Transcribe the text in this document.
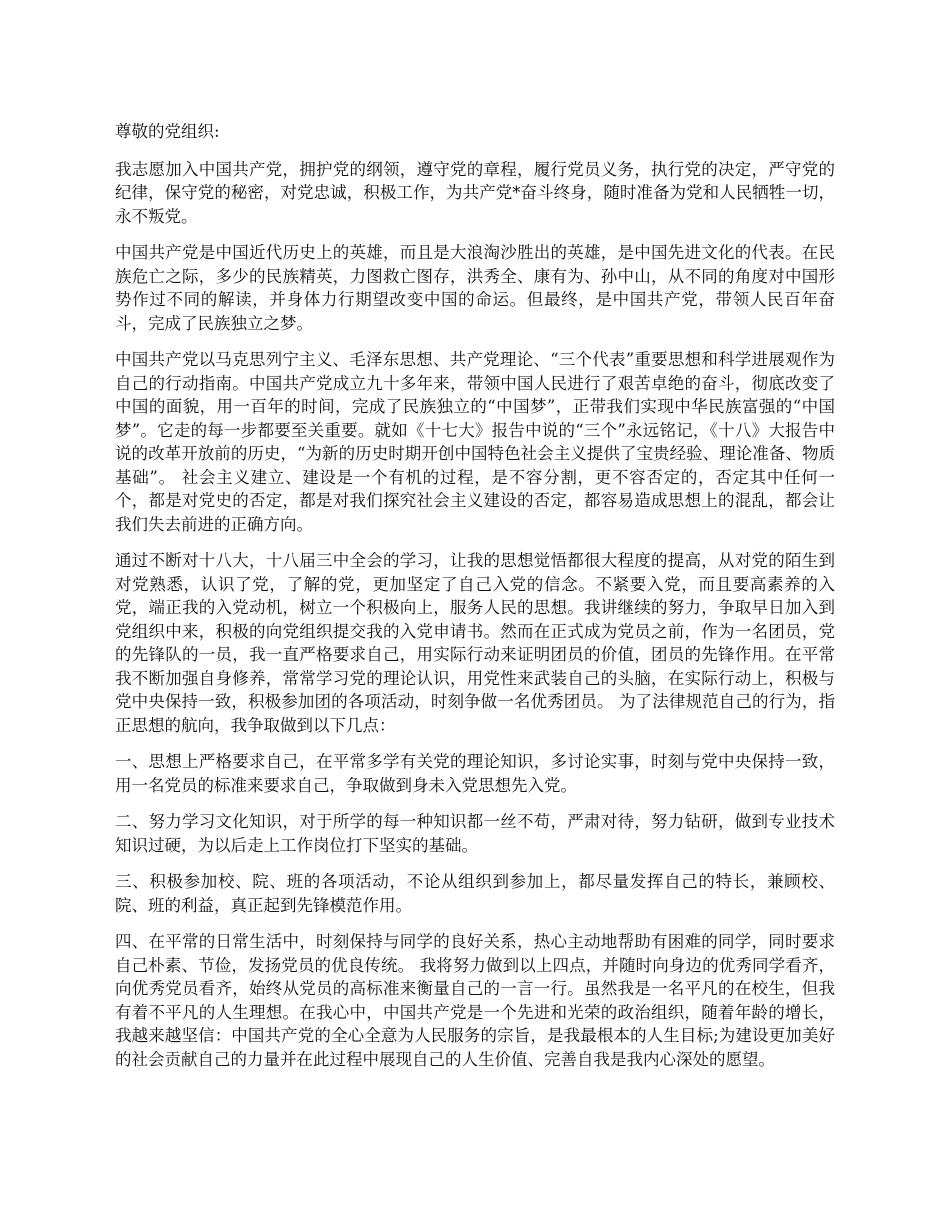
尊敬的党组织:

我志愿加入中国共产党，拥护党的纲领，遵守党的章程，履行党员义务，执行党的决定，严守党的纪律，保守党的秘密，对党忠诚，积极工作，为共产党*奋斗终身，随时准备为党和人民牺牲一切，永不叛党。

中国共产党是中国近代历史上的英雄，而且是大浪淘沙胜出的英雄，是中国先进文化的代表。在民族危亡之际，多少的民族精英，力图救亡图存，洪秀全、康有为、孙中山，从不同的角度对中国形势作过不同的解读，并身体力行期望改变中国的命运。但最终，是中国共产党，带领人民百年奋斗，完成了民族独立之梦。

中国共产党以马克思列宁主义、毛泽东思想、共产党理论、“三个代表”重要思想和科学进展观作为自己的行动指南。中国共产党成立九十多年来，带领中国人民进行了艰苦卓绝的奋斗，彻底改变了中国的面貌，用一百年的时间，完成了民族独立的“中国梦”，正带我们实现中华民族富强的“中国梦”。它走的每一步都要至关重要。就如《十七大》报告中说的“三个”永远铭记，《十八》大报告中说的改革开放前的历史，“为新的历史时期开创中国特色社会主义提供了宝贵经验、理论准备、物质基础”。 社会主义建立、建设是一个有机的过程，是不容分割，更不容否定的，否定其中任何一个，都是对党史的否定，都是对我们探究社会主义建设的否定，都容易造成思想上的混乱，都会让我们失去前进的正确方向。

通过不断对十八大，十八届三中全会的学习，让我的思想觉悟都很大程度的提高，从对党的陌生到对党熟悉，认识了党，了解的党，更加坚定了自己入党的信念。不紧要入党，而且要高素养的入党，端正我的入党动机，树立一个积极向上，服务人民的思想。我讲继续的努力，争取早日加入到党组织中来，积极的向党组织提交我的入党申请书。然而在正式成为党员之前，作为一名团员，党的先锋队的一员，我一直严格要求自己，用实际行动来证明团员的价值，团员的先锋作用。在平常我不断加强自身修养，常常学习党的理论认识，用党性来武装自己的头脑，在实际行动上，积极与党中央保持一致，积极参加团的各项活动，时刻争做一名优秀团员。 为了法律规范自己的行为，指正思想的航向，我争取做到以下几点：

一、思想上严格要求自己，在平常多学有关党的理论知识，多讨论实事，时刻与党中央保持一致，用一名党员的标准来要求自己，争取做到身未入党思想先入党。

二、努力学习文化知识，对于所学的每一种知识都一丝不苟，严肃对待，努力钻研，做到专业技术知识过硬，为以后走上工作岗位打下坚实的基础。

三、积极参加校、院、班的各项活动，不论从组织到参加上，都尽量发挥自己的特长，兼顾校、院、班的利益，真正起到先锋模范作用。

四、在平常的日常生活中，时刻保持与同学的良好关系，热心主动地帮助有困难的同学，同时要求自己朴素、节俭，发扬党员的优良传统。 我将努力做到以上四点，并随时向身边的优秀同学看齐，向优秀党员看齐，始终从党员的高标准来衡量自己的一言一行。虽然我是一名平凡的在校生，但我有着不平凡的人生理想。在我心中，中国共产党是一个先进和光荣的政治组织，随着年龄的增长，我越来越坚信：中国共产党的全心全意为人民服务的宗旨，是我最根本的人生目标;为建设更加美好的社会贡献自己的力量并在此过程中展现自己的人生价值、完善自我是我内心深处的愿望。
